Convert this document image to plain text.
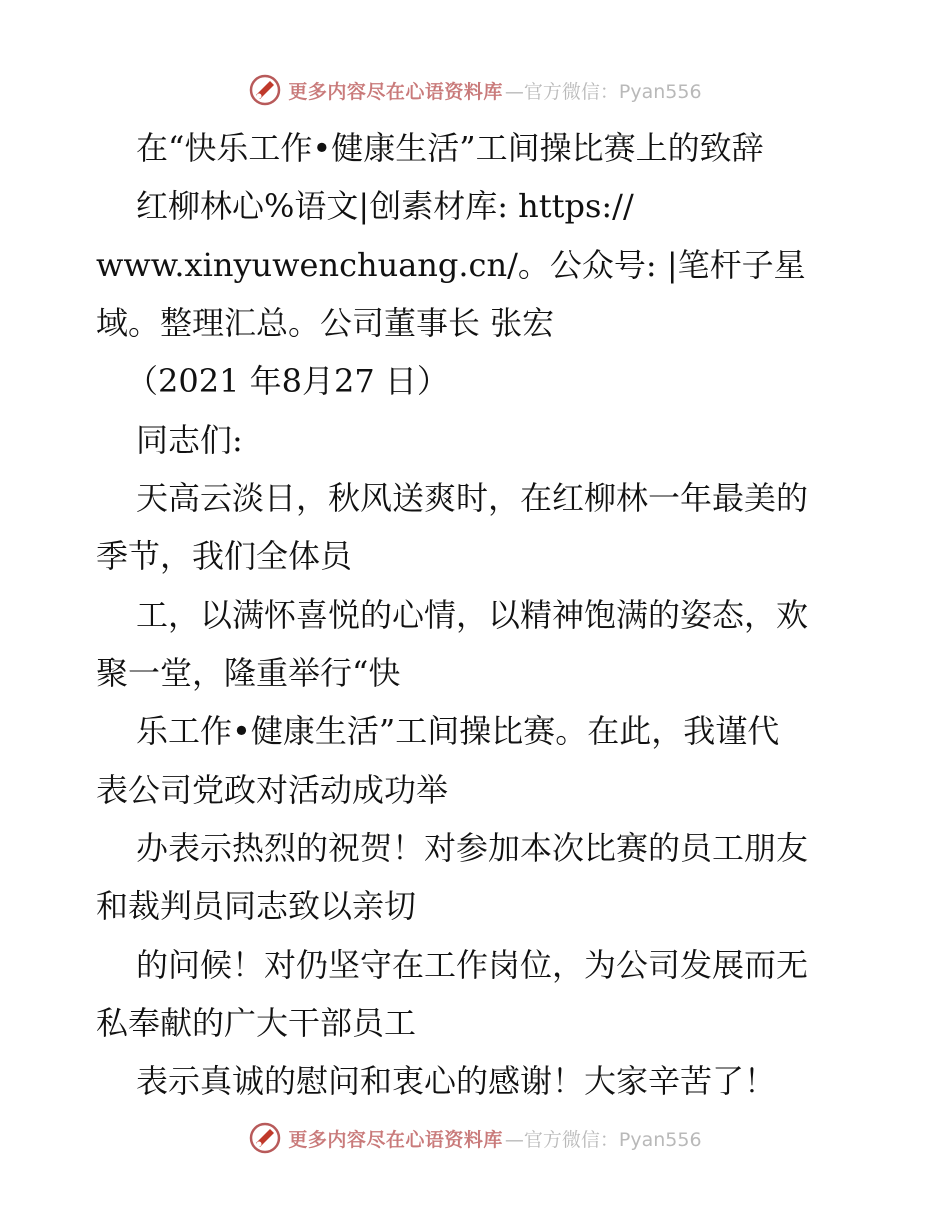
更多内容尽在心语资料库 —官方微信：Pyan556
在“快乐工作•健康生活”工间操比赛上的致辞
红柳林心%语文|创素材库: https://
www.xinyuwenchuang.cn/。公众号: |笔杆子星
域。整理汇总。公司董事长 张宏
（2021 年8月27 日）
同志们:
天高云淡日，秋风送爽时，在红柳林一年最美的
季节，我们全体员
工，以满怀喜悦的心情，以精神饱满的姿态，欢
聚一堂，隆重举行“快
乐工作•健康生活”工间操比赛。在此，我谨代
表公司党政对活动成功举
办表示热烈的祝贺！对参加本次比赛的员工朋友
和裁判员同志致以亲切
的问候！对仍坚守在工作岗位，为公司发展而无
私奉献的广大干部员工
表示真诚的慰问和衷心的感谢！大家辛苦了！
更多内容尽在心语资料库 —官方微信：Pyan556
